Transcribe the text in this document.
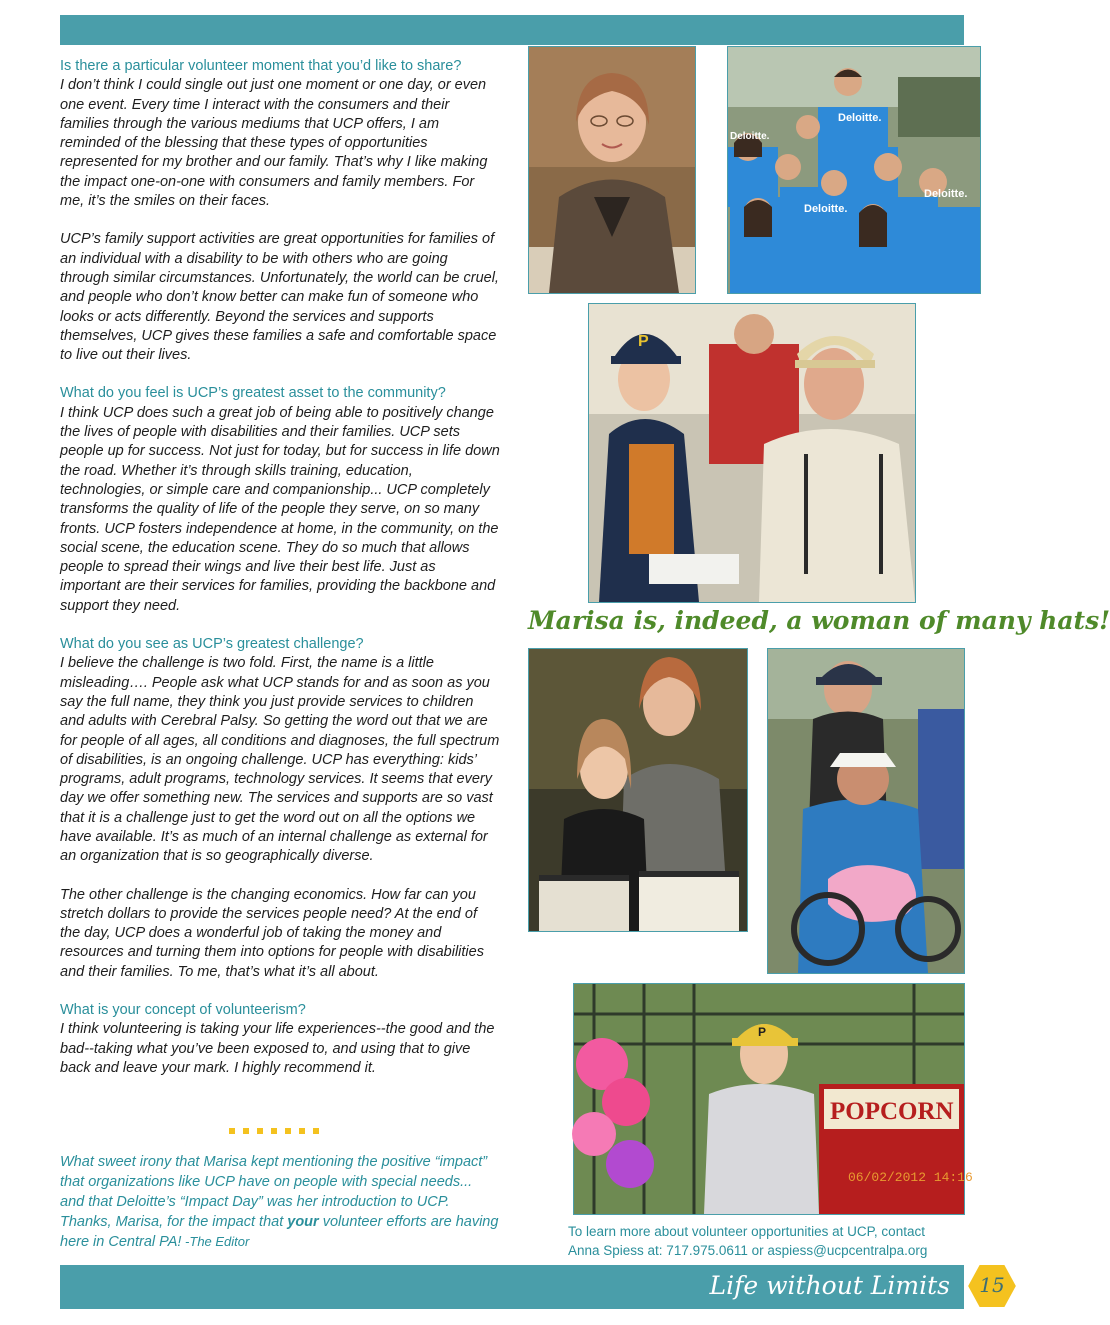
Is there a particular volunteer moment that you’d like to share?
I don’t think I could single out just one moment or one day, or even one event. Every time I interact with the consumers and their families through the various mediums that UCP offers, I am reminded of the blessing that these types of opportunities represented for my brother and our family. That’s why I like making the impact one-on-one with consumers and family members. For me, it’s the smiles on their faces.
UCP’s family support activities are great opportunities for families of an individual with a disability to be with others who are going through similar circumstances. Unfortunately, the world can be cruel, and people who don’t know better can make fun of someone who looks or acts differently. Beyond the services and supports themselves, UCP gives these families a safe and comfortable space to live out their lives.
What do you feel is UCP’s greatest asset to the community?
I think UCP does such a great job of being able to positively change the lives of people with disabilities and their families. UCP sets people up for success. Not just for today, but for success in life down the road. Whether it’s through skills training, education, technologies, or simple care and companionship... UCP completely transforms the quality of life of the people they serve, on so many fronts. UCP fosters independence at home, in the community, on the social scene, the education scene. They do so much that allows people to spread their wings and live their best life. Just as important are their services for families, providing the backbone and support they need.
What do you see as UCP’s greatest challenge?
I believe the challenge is two fold. First, the name is a little misleading…. People ask what UCP stands for and as soon as you say the full name, they think you just provide services to children and adults with Cerebral Palsy. So getting the word out that we are for people of all ages, all conditions and diagnoses, the full spectrum of disabilities, is an ongoing challenge. UCP has everything: kids’ programs, adult programs, technology services. It seems that every day we offer something new. The services and supports are so vast that it is a challenge just to get the word out on all the options we have available. It’s as much of an internal challenge as external for an organization that is so geographically diverse.
The other challenge is the changing economics. How far can you stretch dollars to provide the services people need? At the end of the day, UCP does a wonderful job of taking the money and resources and turning them into options for people with disabilities and their families. To me, that’s what it’s all about.
What is your concept of volunteerism?
I think volunteering is taking your life experiences--the good and the bad--taking what you’ve been exposed to, and using that to give back and leave your mark. I highly recommend it.
What sweet irony that Marisa kept mentioning the positive “impact” that organizations like UCP have on people with special needs... and that Deloitte’s “Impact Day” was her introduction to UCP. Thanks, Marisa, for the impact that your volunteer efforts are having here in Central PA! -The Editor
Deloitte.
Deloitte.
Deloitte.
Deloitte.
P
Marisa is, indeed, a woman of many hats!
POPCORN
06/02/2012 14:16
P
To learn more about volunteer opportunities at UCP, contact
Anna Spiess at: 717.975.0611 or aspiess@ucpcentralpa.org
Life without Limits	15
